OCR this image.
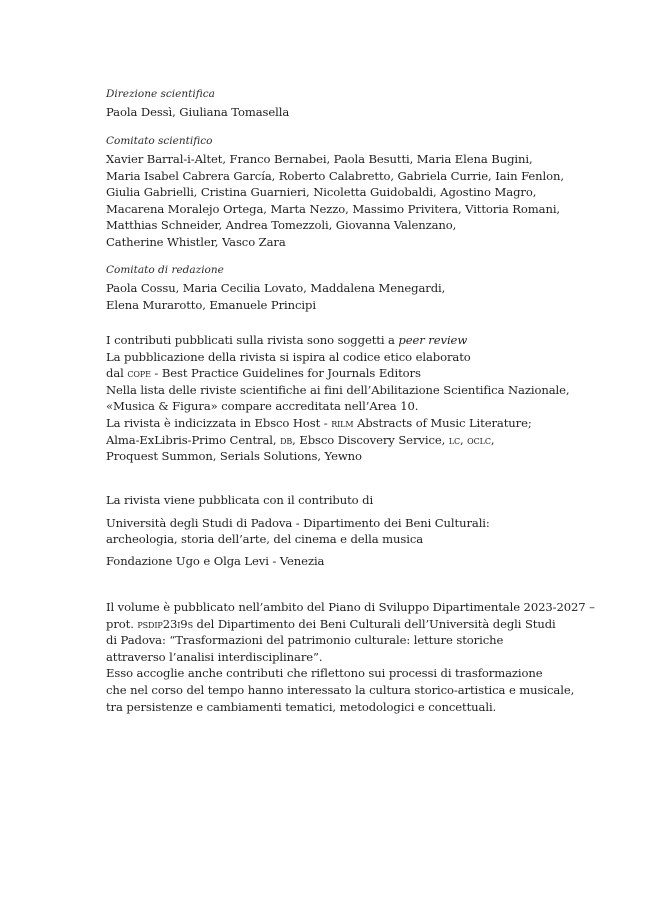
Direzione scientifica
Paola Dessì, Giuliana Tomasella
Comitato scientifico
Xavier Barral-i-Altet, Franco Bernabei, Paola Besutti, Maria Elena Bugini,
Maria Isabel Cabrera García, Roberto Calabretto, Gabriela Currie, Iain Fenlon,
Giulia Gabrielli, Cristina Guarnieri, Nicoletta Guidobaldi, Agostino Magro,
Macarena Moralejo Ortega, Marta Nezzo, Massimo Privitera, Vittoria Romani,
Matthias Schneider, Andrea Tomezzoli, Giovanna Valenzano,
Catherine Whistler, Vasco Zara
Comitato di redazione
Paola Cossu, Maria Cecilia Lovato, Maddalena Menegardi,
Elena Murarotto, Emanuele Principi
I contributi pubblicati sulla rivista sono soggetti a peer review
La pubblicazione della rivista si ispira al codice etico elaborato
dal cope - Best Practice Guidelines for Journals Editors
Nella lista delle riviste scientifiche ai fini dell’Abilitazione Scientifica Nazionale,
«Musica & Figura» compare accreditata nell’Area 10.
La rivista è indicizzata in Ebsco Host - rilm Abstracts of Music Literature;
Alma-ExLibris-Primo Central, db, Ebsco Discovery Service, lc, oclc,
Proquest Summon, Serials Solutions, Yewno
La rivista viene pubblicata con il contributo di
Università degli Studi di Padova - Dipartimento dei Beni Culturali:
archeologia, storia dell’arte, del cinema e della musica
Fondazione Ugo e Olga Levi - Venezia
Il volume è pubblicato nell’ambito del Piano di Sviluppo Dipartimentale 2023-2027 –
prot. psdip23i9s del Dipartimento dei Beni Culturali dell’Università degli Studi
di Padova: “Trasformazioni del patrimonio culturale: letture storiche
attraverso l’analisi interdisciplinare”.
Esso accoglie anche contributi che riflettono sui processi di trasformazione
che nel corso del tempo hanno interessato la cultura storico-artistica e musicale,
tra persistenze e cambiamenti tematici, metodologici e concettuali.
